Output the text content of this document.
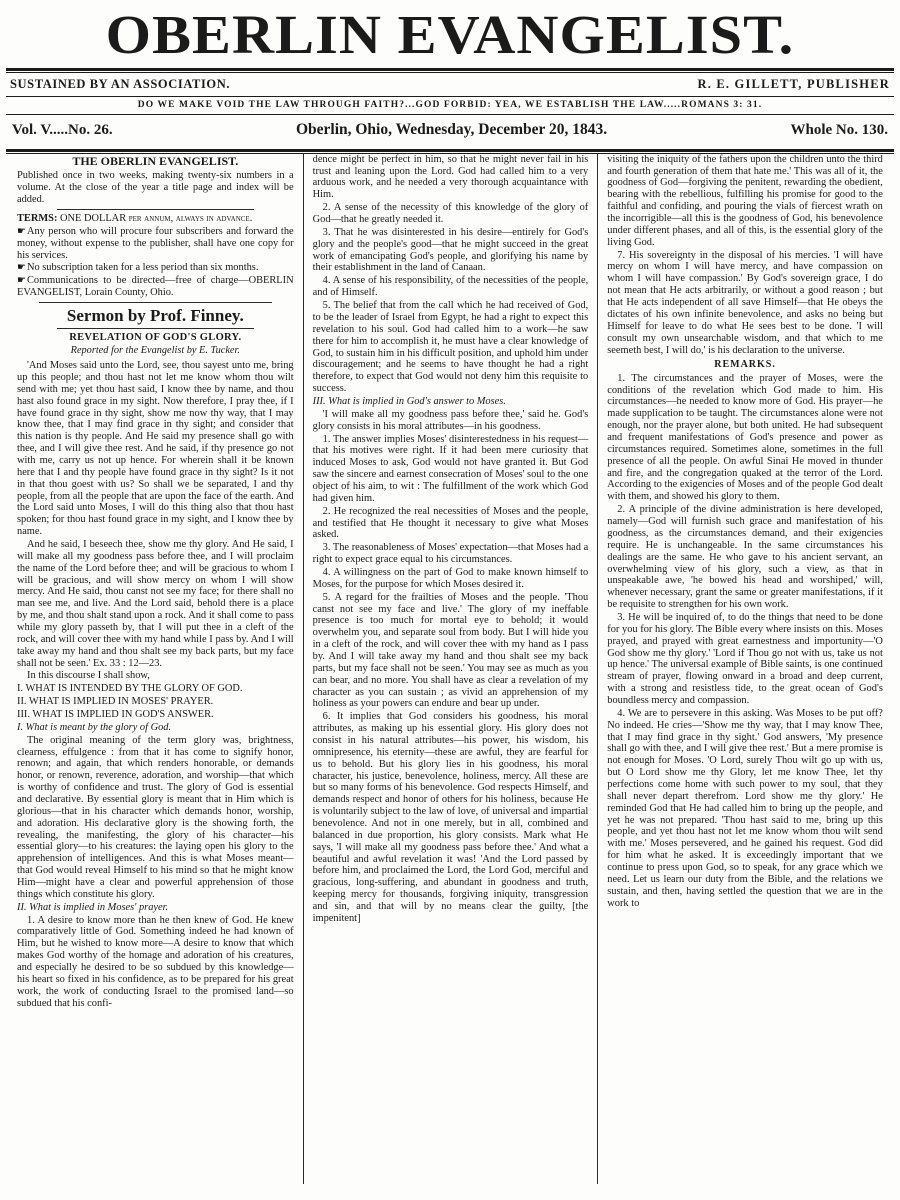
OBERLIN EVANGELIST.
SUSTAINED BY AN ASSOCIATION.	R. E. GILLETT, PUBLISHER
DO WE MAKE VOID THE LAW THROUGH FAITH?...GOD FORBID: YEA, WE ESTABLISH THE LAW.....ROMANS 3: 31.
Vol. V.....No. 26.	Oberlin, Ohio, Wednesday, December 20, 1843.	Whole No. 130.
THE OBERLIN EVANGELIST.

Published once in two weeks, making twenty-six numbers in a volume. At the close of the year a title page and index will be added.

TERMS: ONE DOLLAR per annum, always in advance.

☛Any person who will procure four subscribers and forward the money, without expense to the publisher, shall have one copy for his services.

☛No subscription taken for a less period than six months.

☛Communications to be directed—free of charge—OBERLIN EVANGELIST, Lorain County, Ohio.

Sermon by Prof. Finney.
REVELATION OF GOD'S GLORY.
Reported for the Evangelist by E. Tucker.

'And Moses said unto the Lord, see, thou sayest unto me, bring up this people; and thou hast not let me know whom thou wilt send with me; yet thou hast said, I know thee by name, and thou hast also found grace in my sight. Now therefore, I pray thee, if I have found grace in thy sight, show me now thy way, that I may know thee, that I may find grace in thy sight; and consider that this nation is thy people. And He said my presence shall go with thee, and I will give thee rest. And he said, if thy presence go not with me, carry us not up hence. For wherein shall it be known here that I and thy people have found grace in thy sight? Is it not in that thou goest with us? So shall we be separated, I and thy people, from all the people that are upon the face of the earth. And the Lord said unto Moses, I will do this thing also that thou hast spoken; for thou hast found grace in my sight, and I know thee by name.

And he said, I beseech thee, show me thy glory. And He said, I will make all my goodness pass before thee, and I will proclaim the name of the Lord before thee; and will be gracious to whom I will be gracious, and will show mercy on whom I will show mercy. And He said, thou canst not see my face; for there shall no man see me, and live. And the Lord said, behold there is a place by me, and thou shalt stand upon a rock. And it shall come to pass while my glory passeth by, that I will put thee in a cleft of the rock, and will cover thee with my hand while I pass by. And I will take away my hand and thou shalt see my back parts, but my face shall not be seen.' Ex. 33 : 12—23.

In this discourse I shall show,

I. WHAT IS INTENDED BY THE GLORY OF GOD.

II. WHAT IS IMPLIED IN MOSES' PRAYER.

III. WHAT IS IMPLIED IN GOD'S ANSWER.

I. What is meant by the glory of God.

The original meaning of the term glory was, brightness, clearness, effulgence : from that it has come to signify honor, renown; and again, that which renders honorable, or demands honor, or renown, reverence, adoration, and worship—that which is worthy of confidence and trust. The glory of God is essential and declarative. By essential glory is meant that in Him which is glorious—that in his character which demands honor, worship, and adoration. His declarative glory is the showing forth, the revealing, the manifesting, the glory of his character—his essential glory—to his creatures: the laying open his glory to the apprehension of intelligences. And this is what Moses meant—that God would reveal Himself to his mind so that he might know Him—might have a clear and powerful apprehension of those things which constitute his glory.

II. What is implied in Moses' prayer.

1. A desire to know more than he then knew of God. He knew comparatively little of God. Something indeed he had known of Him, but he wished to know more—A desire to know that which makes God worthy of the homage and adoration of his creatures, and especially he desired to be so subdued by this knowledge—his heart so fixed in his confidence, as to be prepared for his great work, the work of conducting Israel to the promised land—so subdued that his confi-

dence might be perfect in him, so that he might never fail in his trust and leaning upon the Lord. God had called him to a very arduous work, and he needed a very thorough acquaintance with Him.

2. A sense of the necessity of this knowledge of the glory of God—that he greatly needed it.

3. That he was disinterested in his desire—entirely for God's glory and the people's good—that he might succeed in the great work of emancipating God's people, and glorifying his name by their establishment in the land of Canaan.

4. A sense of his responsibility, of the necessities of the people, and of Himself.

5. The belief that from the call which he had received of God, to be the leader of Israel from Egypt, he had a right to expect this revelation to his soul. God had called him to a work—he saw there for him to accomplish it, he must have a clear knowledge of God, to sustain him in his difficult position, and uphold him under discouragement; and he seems to have thought he had a right therefore, to expect that God would not deny him this requisite to success.

III. What is implied in God's answer to Moses.

'I will make all my goodness pass before thee,' said he. God's glory consists in his moral attributes—in his goodness.

1. The answer implies Moses' disinterestedness in his request—that his motives were right. If it had been mere curiosity that induced Moses to ask, God would not have granted it. But God saw the sincere and earnest consecration of Moses' soul to the one object of his aim, to wit : The fulfillment of the work which God had given him.

2. He recognized the real necessities of Moses and the people, and testified that He thought it necessary to give what Moses asked.

3. The reasonableness of Moses' expectation—that Moses had a right to expect grace equal to his circumstances.

4. A willingness on the part of God to make known himself to Moses, for the purpose for which Moses desired it.

5. A regard for the frailties of Moses and the people. 'Thou canst not see my face and live.' The glory of my ineffable presence is too much for mortal eye to behold; it would overwhelm you, and separate soul from body. But I will hide you in a cleft of the rock, and will cover thee with my hand as I pass by. And I will take away my hand and thou shalt see my back parts, but my face shall not be seen.' You may see as much as you can bear, and no more. You shall have as clear a revelation of my character as you can sustain ; as vivid an apprehension of my holiness as your powers can endure and bear up under.

6. It implies that God considers his goodness, his moral attributes, as making up his essential glory. His glory does not consist in his natural attributes—his power, his wisdom, his omnipresence, his eternity—these are awful, they are fearful for us to behold. But his glory lies in his goodness, his moral character, his justice, benevolence, holiness, mercy. All these are but so many forms of his benevolence. God respects Himself, and demands respect and honor of others for his holiness, because He is voluntarily subject to the law of love, of universal and impartial benevolence. And not in one merely, but in all, combined and balanced in due proportion, his glory consists. Mark what He says, 'I will make all my goodness pass before thee.' And what a beautiful and awful revelation it was! 'And the Lord passed by before him, and proclaimed the Lord, the Lord God, merciful and gracious, long-suffering, and abundant in goodness and truth, keeping mercy for thousands, forgiving iniquity, transgression and sin, and that will by no means clear the guilty, [the impenitent]

visiting the iniquity of the fathers upon the children unto the third and fourth generation of them that hate me.' This was all of it, the goodness of God—forgiving the penitent, rewarding the obedient, bearing with the rebellious, fulfilling his promise for good to the faithful and confiding, and pouring the vials of fiercest wrath on the incorrigible—all this is the goodness of God, his benevolence under different phases, and all of this, is the essential glory of the living God.

7. His sovereignty in the disposal of his mercies. 'I will have mercy on whom I will have mercy, and have compassion on whom I will have compassion.' By God's sovereign grace, I do not mean that He acts arbitrarily, or without a good reason ; but that He acts independent of all save Himself—that He obeys the dictates of his own infinite benevolence, and asks no being but Himself for leave to do what He sees best to be done. 'I will consult my own unsearchable wisdom, and that which to me seemeth best, I will do,' is his declaration to the universe.

REMARKS.

1. The circumstances and the prayer of Moses, were the conditions of the revelation which God made to him. His circumstances—he needed to know more of God. His prayer—he made supplication to be taught. The circumstances alone were not enough, nor the prayer alone, but both united. He had subsequent and frequent manifestations of God's presence and power as circumstances required. Sometimes alone, sometimes in the full presence of all the people. On awful Sinai He moved in thunder and fire, and the congregation quaked at the terror of the Lord. According to the exigencies of Moses and of the people God dealt with them, and showed his glory to them.

2. A principle of the divine administration is here developed, namely—God will furnish such grace and manifestation of his goodness, as the circumstances demand, and their exigencies require. He is unchangeable. In the same circumstances his dealings are the same. He who gave to his ancient servant, an overwhelming view of his glory, such a view, as that in unspeakable awe, 'he bowed his head and worshiped,' will, whenever necessary, grant the same or greater manifestations, if it be requisite to strengthen for his own work.

3. He will be inquired of, to do the things that need to be done for you for his glory. The Bible every where insists on this. Moses prayed, and prayed with great earnestness and importunity—'O God show me thy glory.' 'Lord if Thou go not with us, take us not up hence.' The universal example of Bible saints, is one continued stream of prayer, flowing onward in a broad and deep current, with a strong and resistless tide, to the great ocean of God's boundless mercy and compassion.

4. We are to persevere in this asking. Was Moses to be put off? No indeed. He cries—'Show me thy way, that I may know Thee, that I may find grace in thy sight.' God answers, 'My presence shall go with thee, and I will give thee rest.' But a mere promise is not enough for Moses. 'O Lord, surely Thou wilt go up with us, but O Lord show me thy Glory, let me know Thee, let thy perfections come home with such power to my soul, that they shall never depart therefrom. Lord show me thy glory.' He reminded God that He had called him to bring up the people, and yet he was not prepared. 'Thou hast said to me, bring up this people, and yet thou hast not let me know whom thou wilt send with me.' Moses persevered, and he gained his request. God did for him what he asked. It is exceedingly important that we continue to press upon God, so to speak, for any grace which we need. Let us learn our duty from the Bible, and the relations we sustain, and then, having settled the question that we are in the work to
